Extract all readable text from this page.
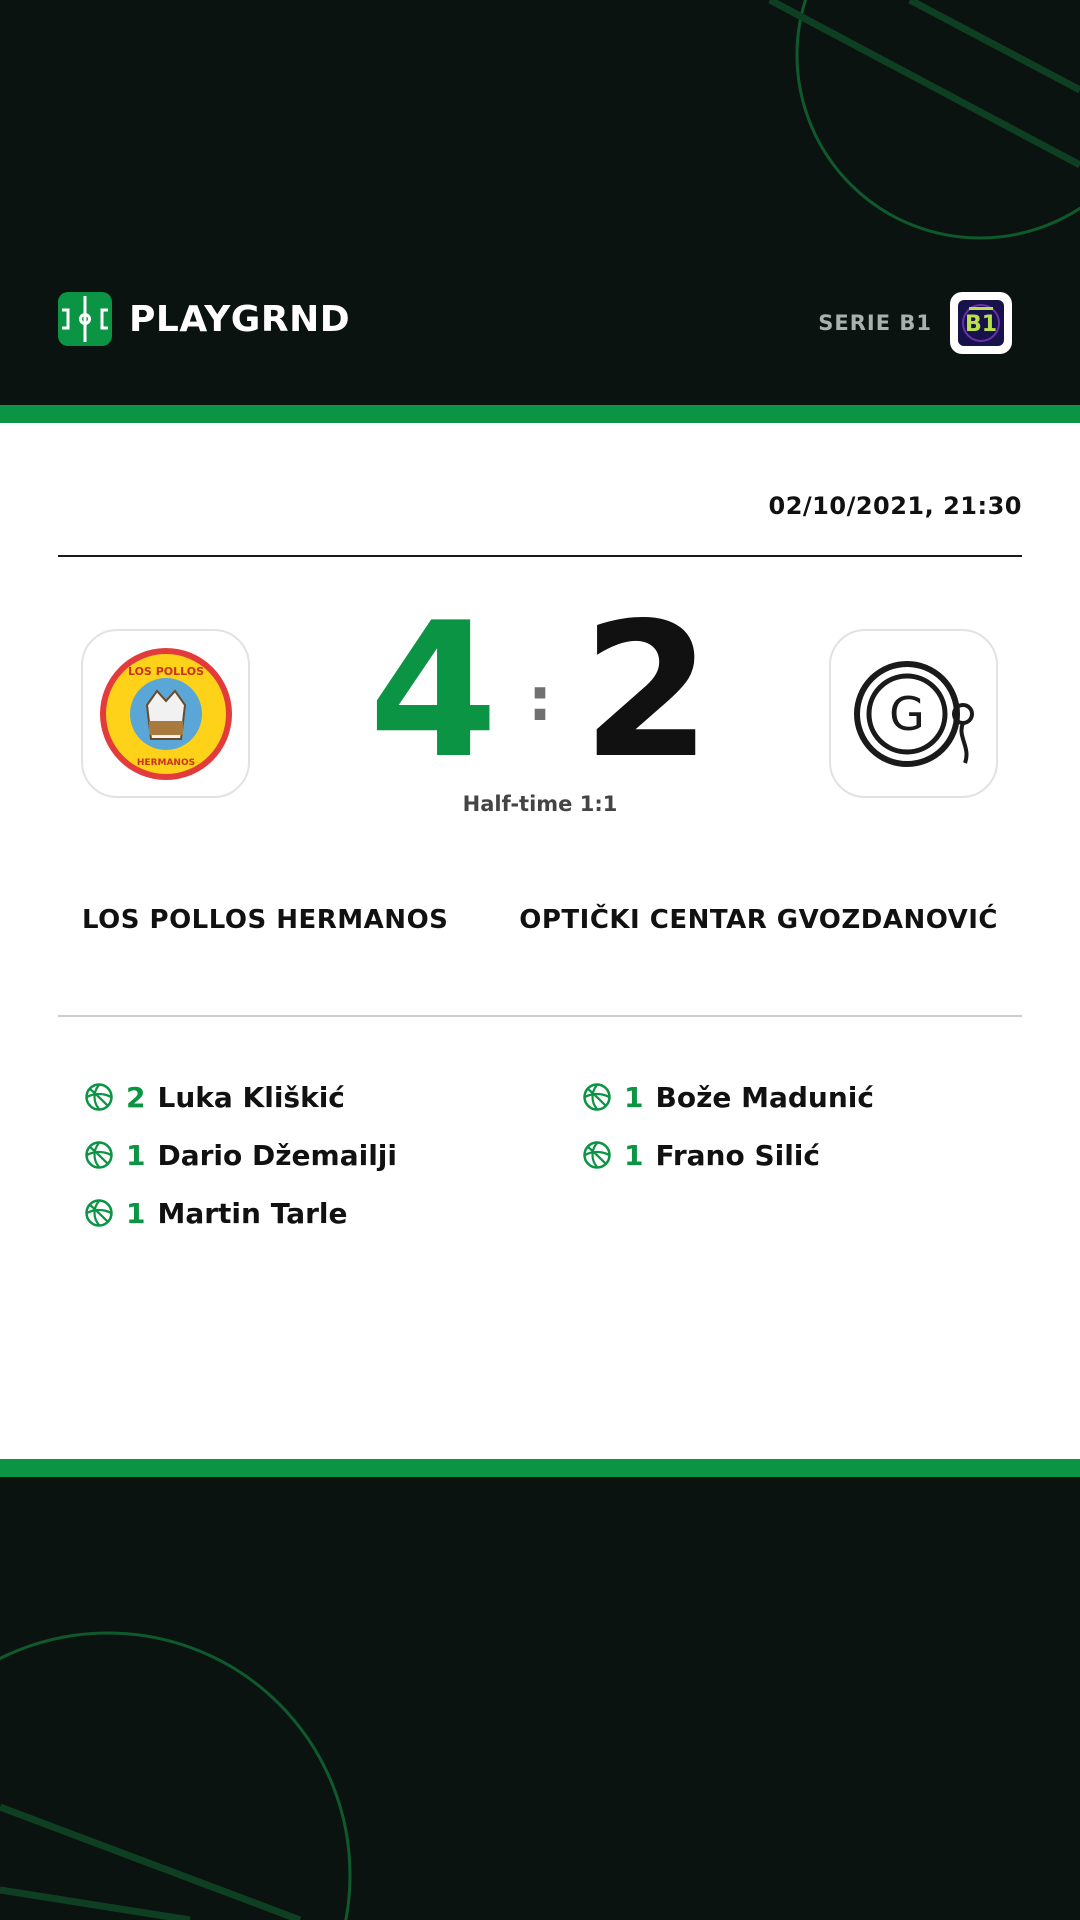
PLAYGRND	SERIE B1 B1
02/10/2021, 21:30
LOS POLLOS
HERMANOS 4 : 2
Half-time 1:1
G
LOS POLLOS HERMANOS	OPTIČKI CENTAR GVOZDANOVIĆ
2 Luka Kliškić
1 Dario Džemailji
1 Martin Tarle
1 Bože Madunić
1 Frano Silić
